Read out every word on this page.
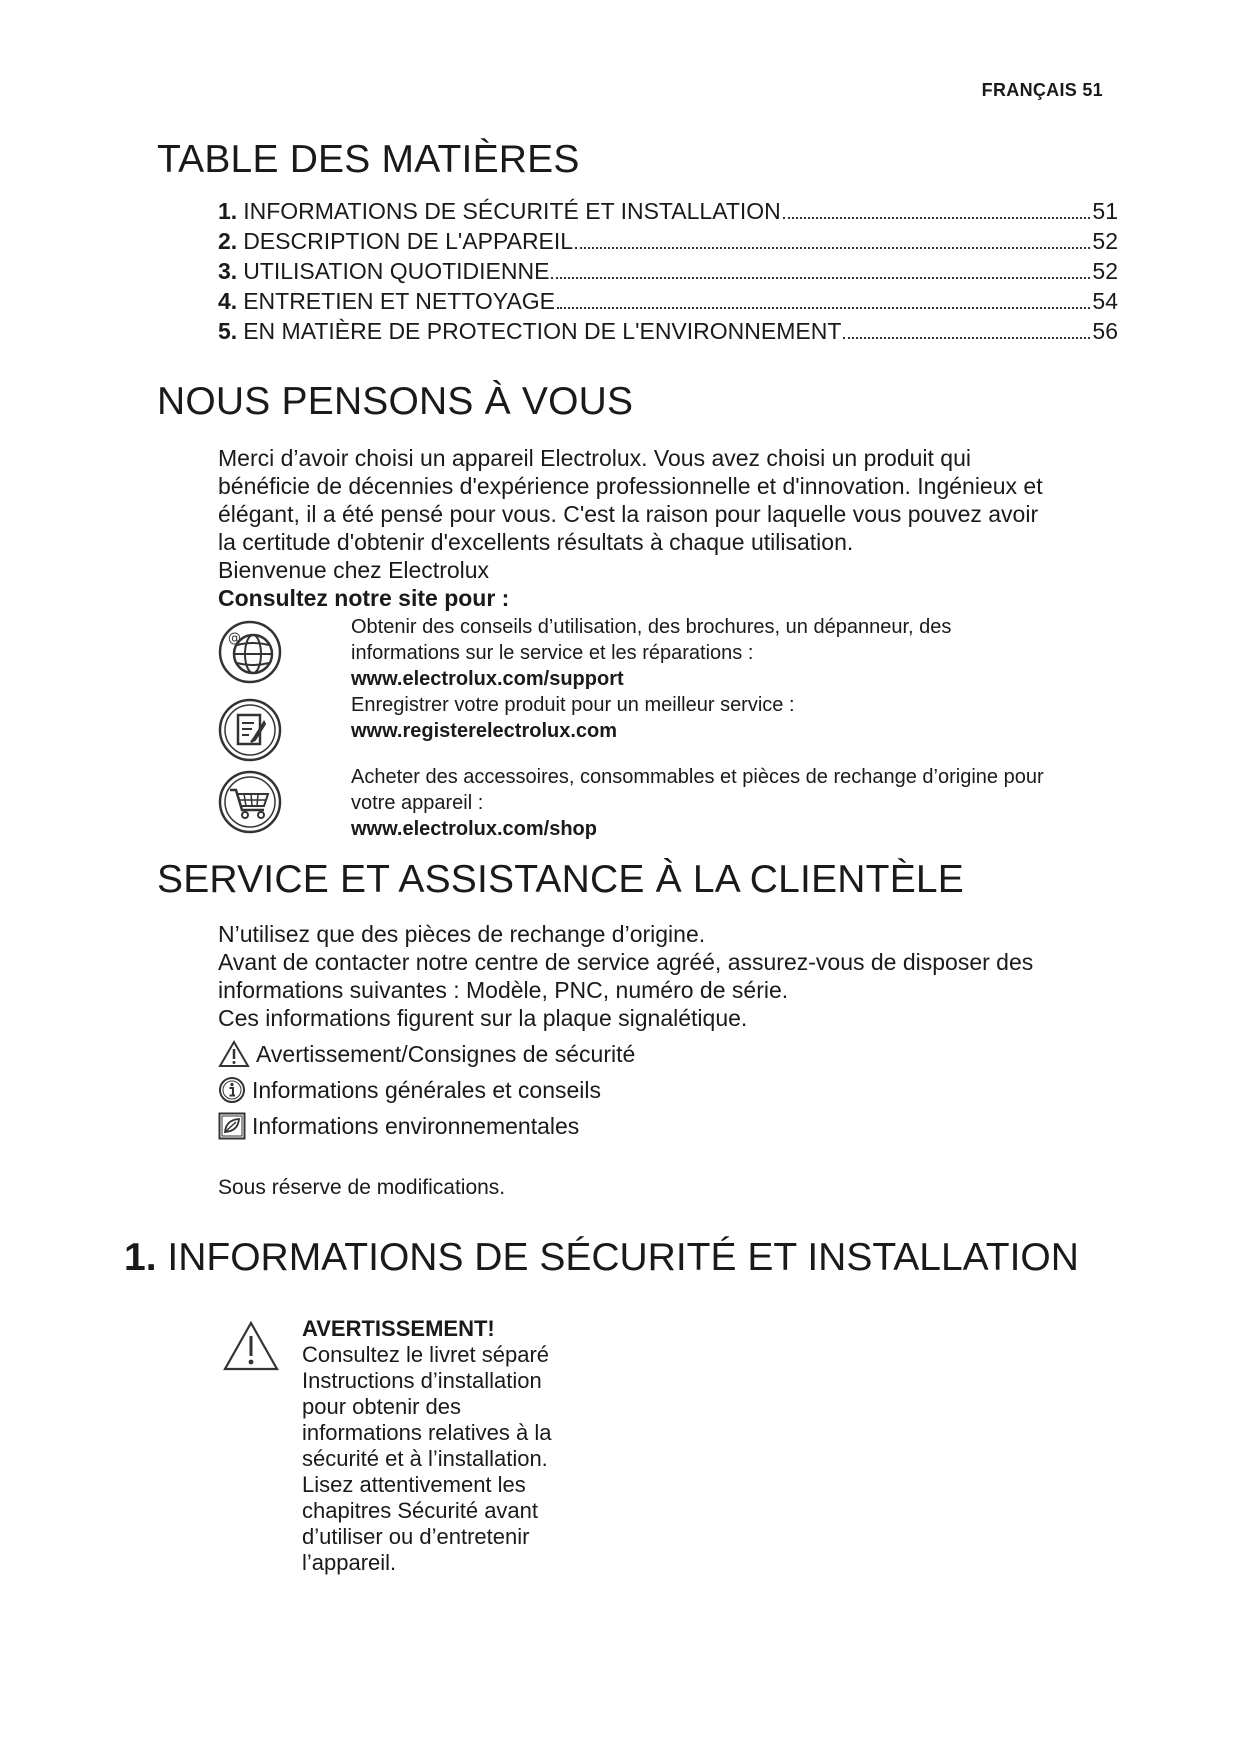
FRANÇAIS 51
TABLE DES MATIÈRES
1. INFORMATIONS DE SÉCURITÉ ET INSTALLATION	51
2. DESCRIPTION DE L'APPAREIL	52
3. UTILISATION QUOTIDIENNE	52
4. ENTRETIEN ET NETTOYAGE	54
5. EN MATIÈRE DE PROTECTION DE L'ENVIRONNEMENT	56
NOUS PENSONS À VOUS
Merci d’avoir choisi un appareil Electrolux. Vous avez choisi un produit qui
bénéficie de décennies d'expérience professionnelle et d'innovation. Ingénieux et
élégant, il a été pensé pour vous. C'est la raison pour laquelle vous pouvez avoir
la certitude d'obtenir d'excellents résultats à chaque utilisation.
Bienvenue chez Electrolux
Consultez notre site pour :
@
Obtenir des conseils d’utilisation, des brochures, un dépanneur, des
informations sur le service et les réparations :
www.electrolux.com/support
Enregistrer votre produit pour un meilleur service :
www.registerelectrolux.com
Acheter des accessoires, consommables et pièces de rechange d’origine pour
votre appareil :
www.electrolux.com/shop
SERVICE ET ASSISTANCE À LA CLIENTÈLE
N’utilisez que des pièces de rechange d’origine.
Avant de contacter notre centre de service agréé, assurez-vous de disposer des
informations suivantes : Modèle, PNC, numéro de série.
Ces informations figurent sur la plaque signalétique.
Avertissement/Consignes de sécurité
Informations générales et conseils
Informations environnementales
Sous réserve de modifications.
1. INFORMATIONS DE SÉCURITÉ ET INSTALLATION
AVERTISSEMENT!
Consultez le livret séparé
Instructions d’installation
pour obtenir des
informations relatives à la
sécurité et à l’installation.
Lisez attentivement les
chapitres Sécurité avant
d’utiliser ou d’entretenir
l’appareil.
